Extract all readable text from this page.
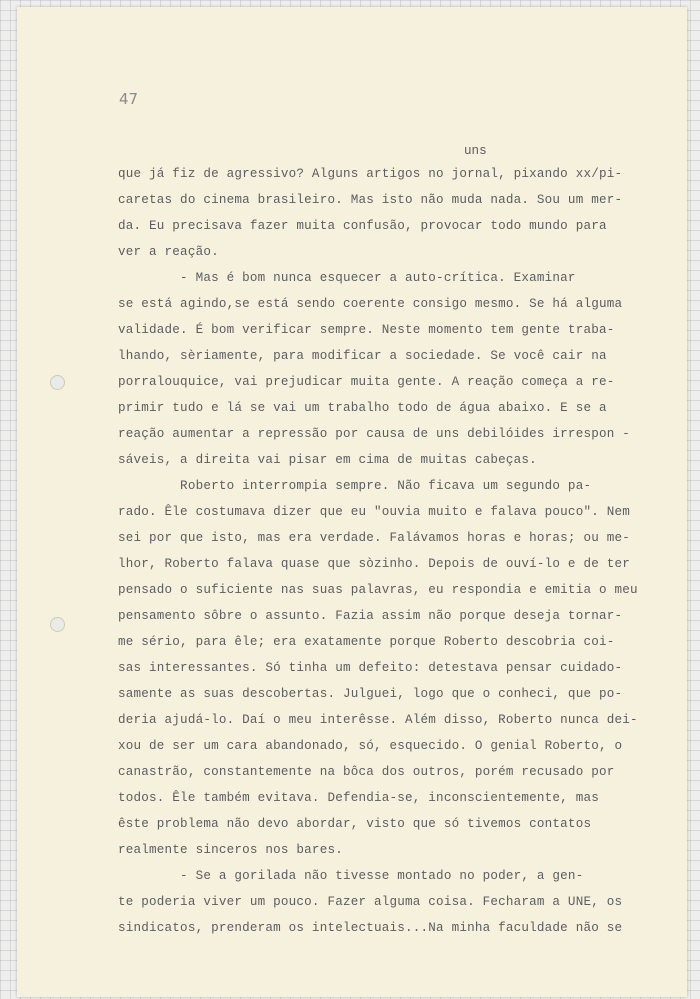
47
uns
que já fiz de agressivo? Alguns artigos no jornal, pixando xx/pi-
caretas do cinema brasileiro. Mas isto não muda nada. Sou um mer-
da. Eu precisava fazer muita confusão, provocar todo mundo para
ver a reação.
- Mas é bom nunca esquecer a auto-crítica. Examinar
se está agindo,se está sendo coerente consigo mesmo. Se há alguma
validade. É bom verificar sempre. Neste momento tem gente traba-
lhando, sèriamente, para modificar a sociedade. Se você cair na
porralouquice, vai prejudicar muita gente. A reação começa a re-
primir tudo e lá se vai um trabalho todo de água abaixo. E se a
reação aumentar a repressão por causa de uns debilóides irrespon -
sáveis, a direita vai pisar em cima de muitas cabeças.
Roberto interrompia sempre. Não ficava um segundo pa-
rado. Êle costumava dizer que eu "ouvia muito e falava pouco". Nem
sei por que isto, mas era verdade. Falávamos horas e horas; ou me-
lhor, Roberto falava quase que sòzinho. Depois de ouví-lo e de ter
pensado o suficiente nas suas palavras, eu respondia e emitia o meu
pensamento sôbre o assunto. Fazia assim não porque deseja tornar-
me sério, para êle; era exatamente porque Roberto descobria coi-
sas interessantes. Só tinha um defeito: detestava pensar cuidado-
samente as suas descobertas. Julguei, logo que o conheci, que po-
deria ajudá-lo. Daí o meu interêsse. Além disso, Roberto nunca dei-
xou de ser um cara abandonado, só, esquecido. O genial Roberto, o
canastrão, constantemente na bôca dos outros, porém recusado por
todos. Êle também evitava. Defendia-se, inconscientemente, mas
êste problema não devo abordar, visto que só tivemos contatos
realmente sinceros nos bares.
- Se a gorilada não tivesse montado no poder, a gen-
te poderia viver um pouco. Fazer alguma coisa. Fecharam a UNE, os
sindicatos, prenderam os intelectuais...Na minha faculdade não se
